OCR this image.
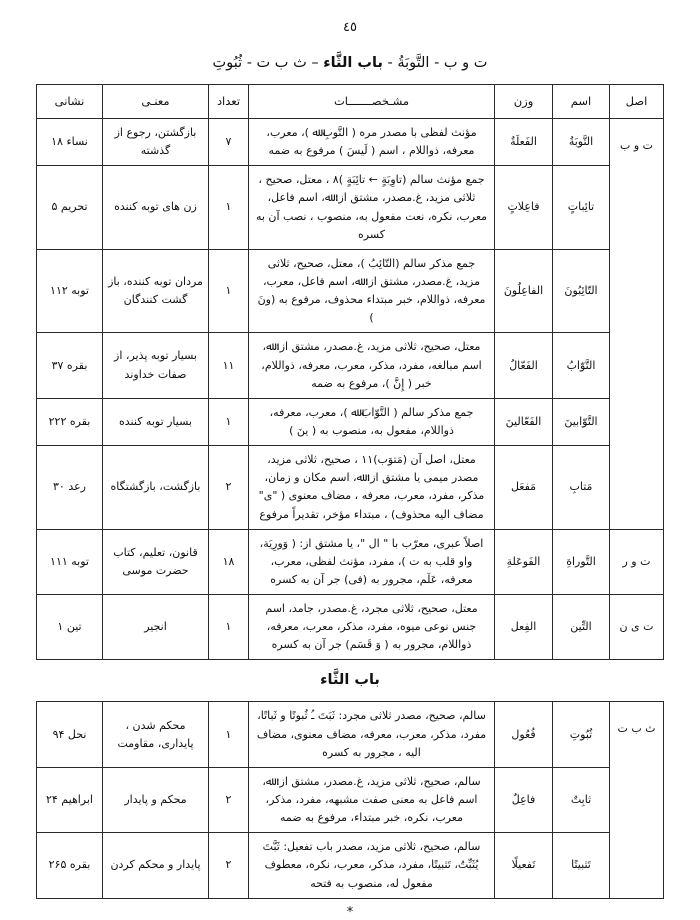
٤٥
ت و ب - التَّوبَةُ - باب الثَّاء – ث ب ت - ثُبُوتِ
اصل	اسم	وزن	مشـخصـــــــات	تعداد	معنـى	نشانى
ت و ب	التَّوبَةُ	الفَعلَةُ	مؤنث لفظى با مصدر مره ( التَّوبِ ﷲ )، معرب، معرفه، ذواللام ، اسم ( لَيسَ ) مرفوع به ضمه	۷	بازگشتن، رجوع از گذشته	نساء ۱۸
	تائِباتٍ	فاعِلاتٍ	جمع مؤنث سالم (تاوِبَةٍ ← تائِبَةٍ )۸ ، معتل، صحيح ، ثلاثى مزيد، غ.مصدر، مشتق از: ﷲ، اسم فاعل، معرب، نكره، نعت مفعول به، منصوب ، نصب آن به كسره	۱	زن هاى توبه كننده	تحريم ۵
	التّائِبُونَ	الفاعِلُونَ	جمع مذكر سالم (التّائِبُ )، معتل، صحيح، ثلاثى مزيد، غ.مصدر، مشتق از: ﷲ، اسم فاعل، معرب، معرفه، ذواللام، خبر مبتداء محذوف، مرفوع به (ونَ )	۱	مردان توبه كننده، باز گشت كنندگان	توبه ۱۱۲
	التَّوّابُ	الفَعّالُ	معتل، صحيح، ثلاثى مزيد، غ.مصدر، مشتق از: ﷲ، اسم مبالغه، مفرد، مذكر، معرب، معرفه، ذواللام، خبر ( إِنَّ )، مرفوع به ضمه	۱۱	بسيار توبه پذير، از صفات خداوند	بقره ۳۷
	التَّوّابينَ	الفَعّالينَ	جمع مذكر سالم ( التَّوّابَ ﷲ )، معرب، معرفه، ذواللام، مفعول به، منصوب به ( ينَ )	۱	بسيار توبه كننده	بقره ۲۲۲
	مَتابِ	مَفعَل	معتل، اصل آن (مَتوَب)۱۱ ، صحيح، ثلاثى مزيد، مصدر ميمى يا مشتق از: ﷲ، اسم مكان و زمان، مذكر، مفرد، معرب، معرفه ، مضاف معنوى ( "ى" مضاف اليه محذوف) ، مبتداء مؤخر، تقديراً مرفوع	۲	بازگشت، بازگشتگاه	رعد ۳۰
ت و ر	التَّوراةِ	الفَوعَلةِ	اصلاً عبرى، معرّب با " ال "، يا مشتق از: ( وَورِيَة، واو قلب به ت )، مفرد، مؤنث لفظى، معرب، معرفه، عَلَم، مجرور به (فى) جر آن به كسره	۱۸	قانون، تعليم، كتاب حضرت موسى	توبه ۱۱۱
ت ى ن	التِّين	الفِعل	معتل، صحيح، ثلاثى مجرد، غ.مصدر، جامد، اسم جنس نوعى ميوه، مفرد، مذكر، معرب، معرفه، ذواللام، مجرور به ( وَ قَسَم) جر آن به كسره	۱	انجير	تين ۱
باب الثَّاء
ث ب ت	ثُبُوتِ	فُعُول	سالم، صحيح، مصدر ثلاثى مجرد: ثَبَتَ ـُ ثُبوتًا و ثَباتًا، مفرد، مذكر، معرب، معرفه، مضاف معنوى، مضاف اليه ، مجرور به كسره	۱	محكم شدن ، پايدارى، مقاومت	نحل ۹۴
	ثابِتٌ	فاعِلٌ	سالم، صحيح، ثلاثى مزيد، غ.مصدر، مشتق از: ﷲ، اسم فاعل به معنى صفت مشبهه، مفرد، مذكر، معرب، نكره، خبر مبتداء، مرفوع به ضمه	۲	محكم و پايدار	ابراهيم ۲۴
	تَثبيتًا	تَفعيلًا	سالم، صحيح، ثلاثى مزيد، مصدر باب تفعيل: ثَبَّتَ يُثَبِّتُ، تَثبيتًا، مفرد، مذكر، معرب، نكره، معطوف مفعول له، منصوب به فتحه	۲	پايدار و محكم كردن	بقره ۲۶۵
*
